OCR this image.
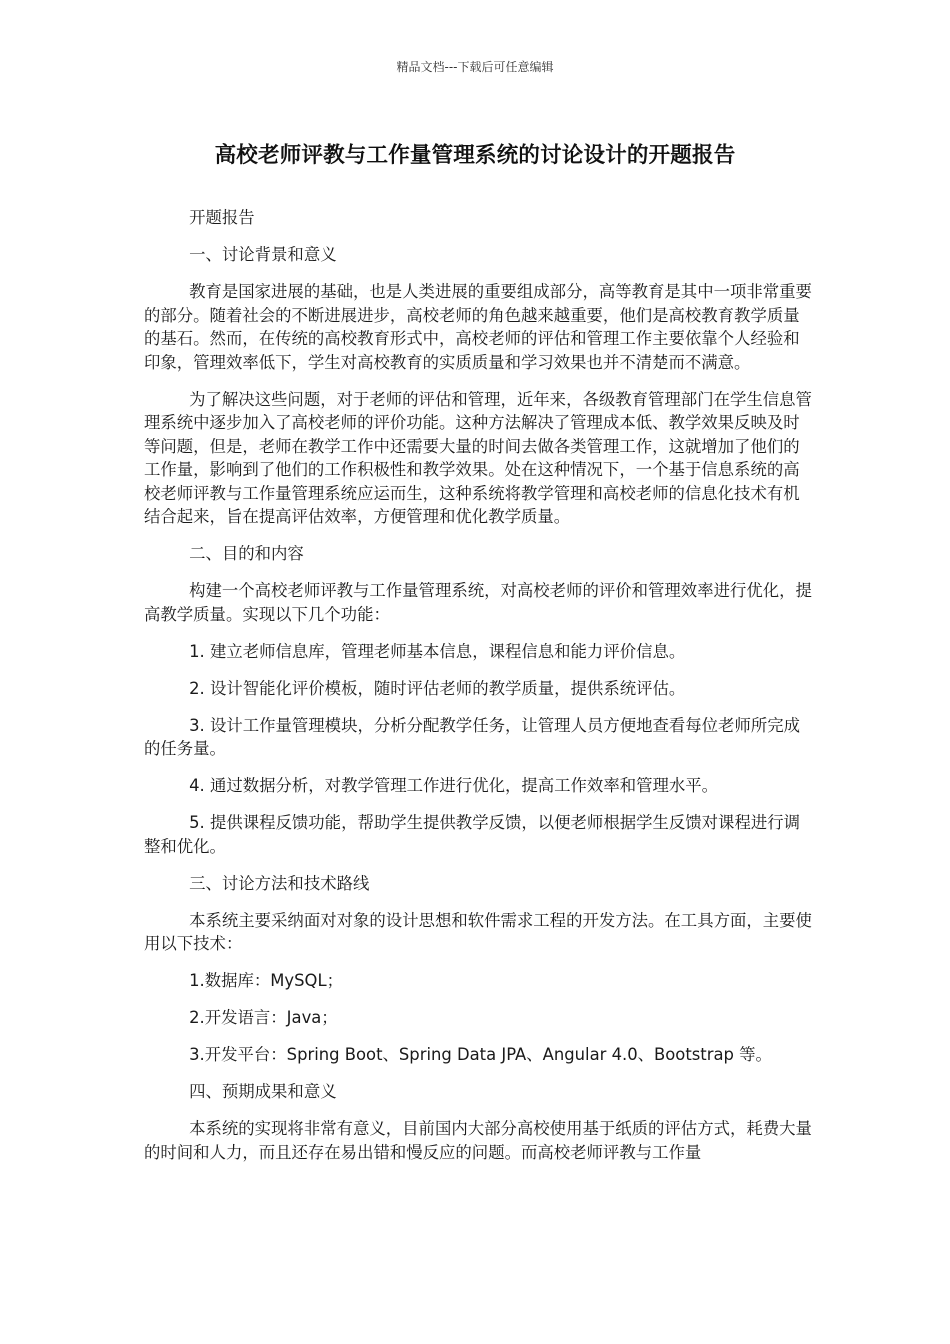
精品文档---下载后可任意编辑
高校老师评教与工作量管理系统的讨论设计的开题报告

开题报告

一、讨论背景和意义

教育是国家进展的基础，也是人类进展的重要组成部分，高等教育是其中一项非常重要的部分。随着社会的不断进展进步，高校老师的角色越来越重要，他们是高校教育教学质量的基石。然而，在传统的高校教育形式中，高校老师的评估和管理工作主要依靠个人经验和印象，管理效率低下，学生对高校教育的实质质量和学习效果也并不清楚而不满意。

为了解决这些问题，对于老师的评估和管理，近年来，各级教育管理部门在学生信息管理系统中逐步加入了高校老师的评价功能。这种方法解决了管理成本低、教学效果反映及时等问题，但是，老师在教学工作中还需要大量的时间去做各类管理工作，这就增加了他们的工作量，影响到了他们的工作积极性和教学效果。处在这种情况下，一个基于信息系统的高校老师评教与工作量管理系统应运而生，这种系统将教学管理和高校老师的信息化技术有机结合起来，旨在提高评估效率，方便管理和优化教学质量。

二、目的和内容

构建一个高校老师评教与工作量管理系统，对高校老师的评价和管理效率进行优化，提高教学质量。实现以下几个功能：

1. 建立老师信息库，管理老师基本信息，课程信息和能力评价信息。

2. 设计智能化评价模板，随时评估老师的教学质量，提供系统评估。

3. 设计工作量管理模块，分析分配教学任务，让管理人员方便地查看每位老师所完成的任务量。

4. 通过数据分析，对教学管理工作进行优化，提高工作效率和管理水平。

5. 提供课程反馈功能，帮助学生提供教学反馈，以便老师根据学生反馈对课程进行调整和优化。

三、讨论方法和技术路线

本系统主要采纳面对对象的设计思想和软件需求工程的开发方法。在工具方面，主要使用以下技术：

1.数据库：MySQL；

2.开发语言：Java；

3.开发平台：Spring Boot、Spring Data JPA、Angular 4.0、Bootstrap 等。

四、预期成果和意义

本系统的实现将非常有意义，目前国内大部分高校使用基于纸质的评估方式，耗费大量的时间和人力，而且还存在易出错和慢反应的问题。而高校老师评教与工作量
